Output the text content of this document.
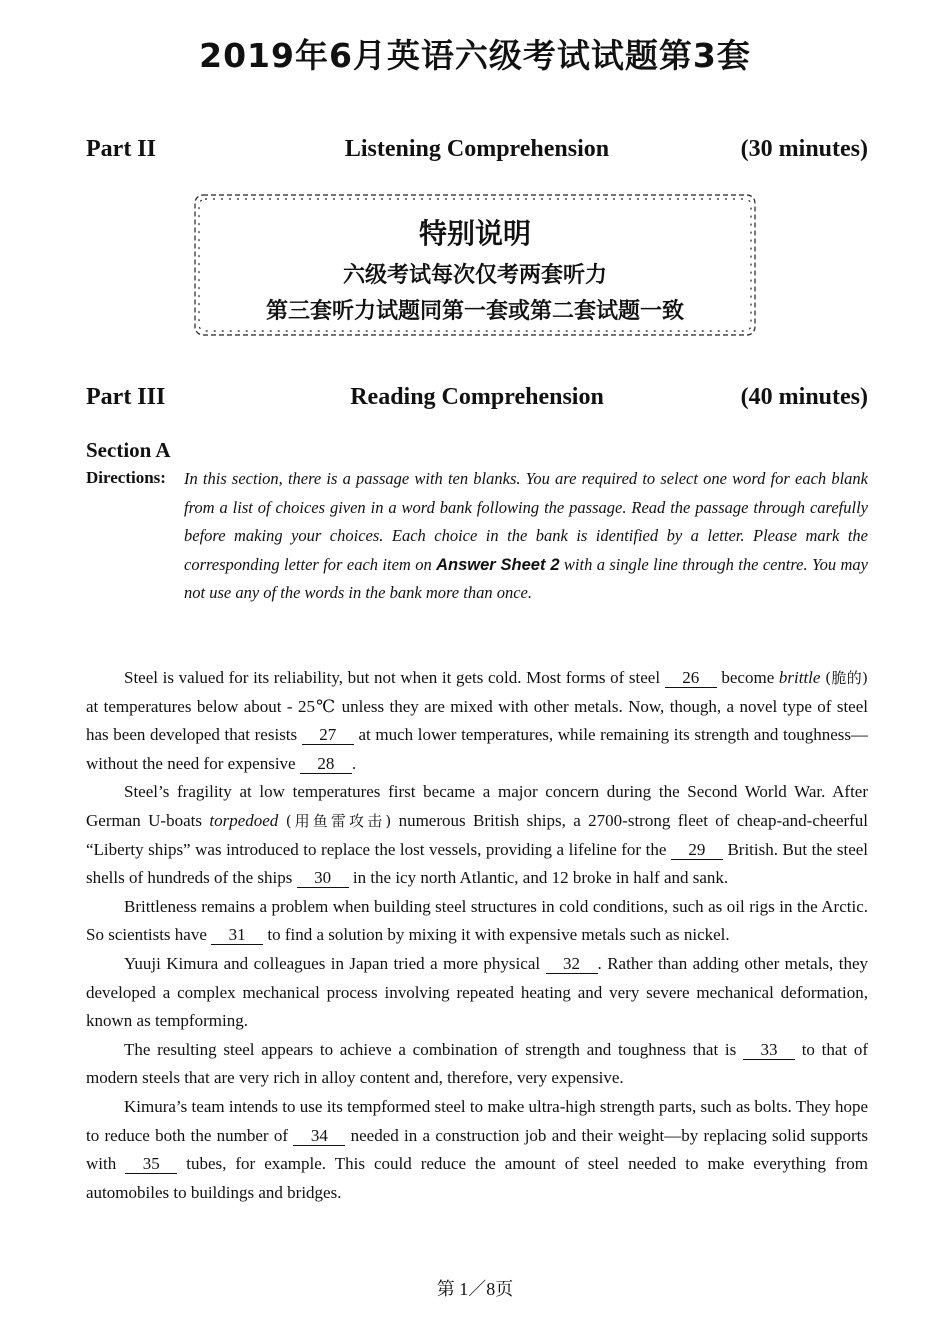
2019年6月英语六级考试试题第3套
Part II	Listening Comprehension	(30 minutes)
特别说明
六级考试每次仅考两套听力
第三套听力试题同第一套或第二套试题一致
Part III	Reading Comprehension	(40 minutes)
Section A
Directions: In this section, there is a passage with ten blanks. You are required to select one word for each blank from a list of choices given in a word bank following the passage. Read the passage through carefully before making your choices. Each choice in the bank is identified by a letter. Please mark the corresponding letter for each item on Answer Sheet 2 with a single line through the centre. You may not use any of the words in the bank more than once.

Steel is valued for its reliability, but not when it gets cold. Most forms of steel 26 become brittle (脆的) at temperatures below about - 25℃ unless they are mixed with other metals. Now, though, a novel type of steel has been developed that resists 27 at much lower temperatures, while remaining its strength and toughness—without the need for expensive 28 .

Steel’s fragility at low temperatures first became a major concern during the Second World War. After German U-boats torpedoed (用鱼雷攻击) numerous British ships, a 2700-strong fleet of cheap-and-cheerful “Liberty ships” was introduced to replace the lost vessels, providing a lifeline for the 29 British. But the steel shells of hundreds of the ships 30 in the icy north Atlantic, and 12 broke in half and sank.

Brittleness remains a problem when building steel structures in cold conditions, such as oil rigs in the Arctic. So scientists have 31 to find a solution by mixing it with expensive metals such as nickel.

Yuuji Kimura and colleagues in Japan tried a more physical 32 . Rather than adding other metals, they developed a complex mechanical process involving repeated heating and very severe mechanical deformation, known as tempforming.

The resulting steel appears to achieve a combination of strength and toughness that is 33 to that of modern steels that are very rich in alloy content and, therefore, very expensive.

Kimura’s team intends to use its tempformed steel to make ultra-high strength parts, such as bolts. They hope to reduce both the number of 34 needed in a construction job and their weight—by replacing solid supports with 35 tubes, for example. This could reduce the amount of steel needed to make everything from automobiles to buildings and bridges.

第 1／8页
